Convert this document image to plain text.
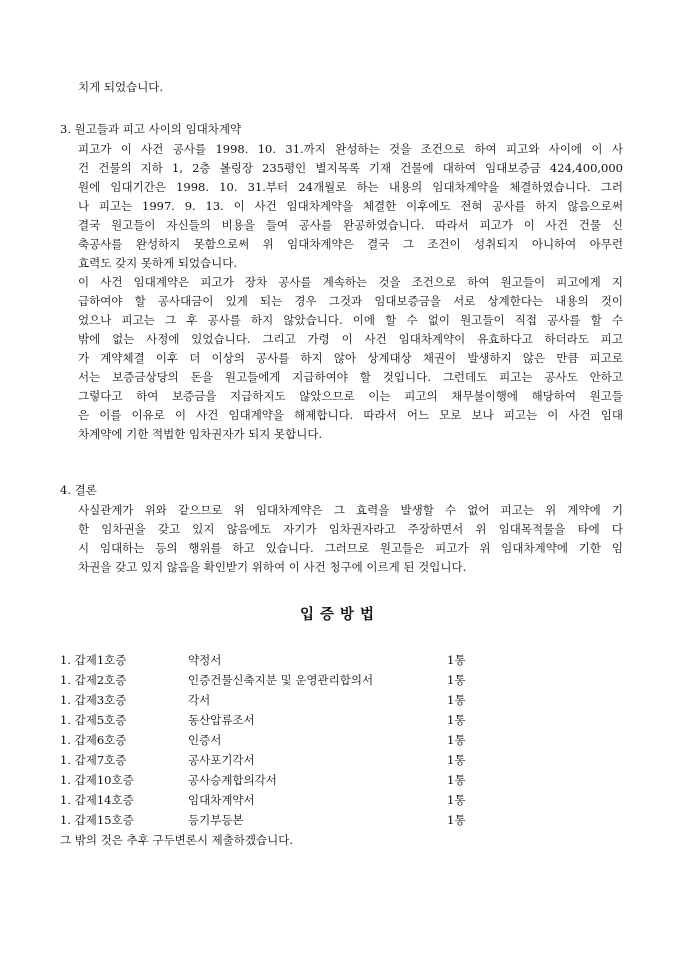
치게 되었습니다.
3. 원고들과 피고 사이의 임대차계약
피고가 이 사건 공사를 1998. 10. 31.까지 완성하는 것을 조건으로 하여 피고와 사이에 이 사
건 건물의 지하 1, 2층 볼링장 235평인 별지목록 기재 건물에 대하여 임대보증금 424,400,000
원에 임대기간은 1998. 10. 31.부터 24개월로 하는 내용의 임대차계약을 체결하였습니다. 그러
나 피고는 1997. 9. 13. 이 사건 임대차계약을 체결한 이후에도 전혀 공사를 하지 않음으로써
결국 원고들이 자신들의 비용을 들여 공사를 완공하였습니다. 따라서 피고가 이 사건 건물 신
축공사를 완성하지 못함으로써 위 임대차계약은 결국 그 조건이 성취되지 아니하여 아무런
효력도 갖지 못하게 되었습니다.
이 사건 임대계약은 피고가 장차 공사를 계속하는 것을 조건으로 하여 원고들이 피고에게 지
급하여야 할 공사대금이 있게 되는 경우 그것과 임대보증금을 서로 상계한다는 내용의 것이
었으나 피고는 그 후 공사를 하지 않았습니다. 이에 할 수 없이 원고들이 직접 공사를 할 수
밖에 없는 사정에 있었습니다. 그리고 가령 이 사건 임대차계약이 유효하다고 하더라도 피고
가 계약체결 이후 더 이상의 공사를 하지 않아 상계대상 채권이 발생하지 않은 만큼 피고로
서는 보증금상당의 돈을 원고들에게 지급하여야 할 것입니다. 그런데도 피고는 공사도 안하고
그렇다고 하여 보증금을 지급하지도 않았으므로 이는 피고의 채무불이행에 해당하여 원고들
은 이를 이유로 이 사건 임대계약을 해제합니다. 따라서 어느 모로 보나 피고는 이 사건 임대
차계약에 기한 적법한 임차권자가 되지 못합니다.
4. 결론
사실관계가 위와 같으므로 위 임대차계약은 그 효력을 발생할 수 없어 피고는 위 계약에 기
한 임차권을 갖고 있지 않음에도 자기가 임차권자라고 주장하면서 위 임대목적물을 타에 다
시 임대하는 등의 행위를 하고 있습니다. 그러므로 원고들은 피고가 위 임대차계약에 기한 임
차권을 갖고 있지 않음을 확인받기 위하여 이 사건 청구에 이르게 된 것입니다.
입증방법
1. 갑제1호증	약정서	1통
1. 갑제2호증	인증건물신축지분 및 운영관리합의서	1통
1. 갑제3호증	각서	1통
1. 갑제5호증	동산압류조서	1통
1. 갑제6호증	인증서	1통
1. 갑제7호증	공사포기각서	1통
1. 갑제10호증	공사승계합의각서	1통
1. 갑제14호증	임대차계약서	1통
1. 갑제15호증	등기부등본	1통
그 밖의 것은 추후 구두변론시 제출하겠습니다.
